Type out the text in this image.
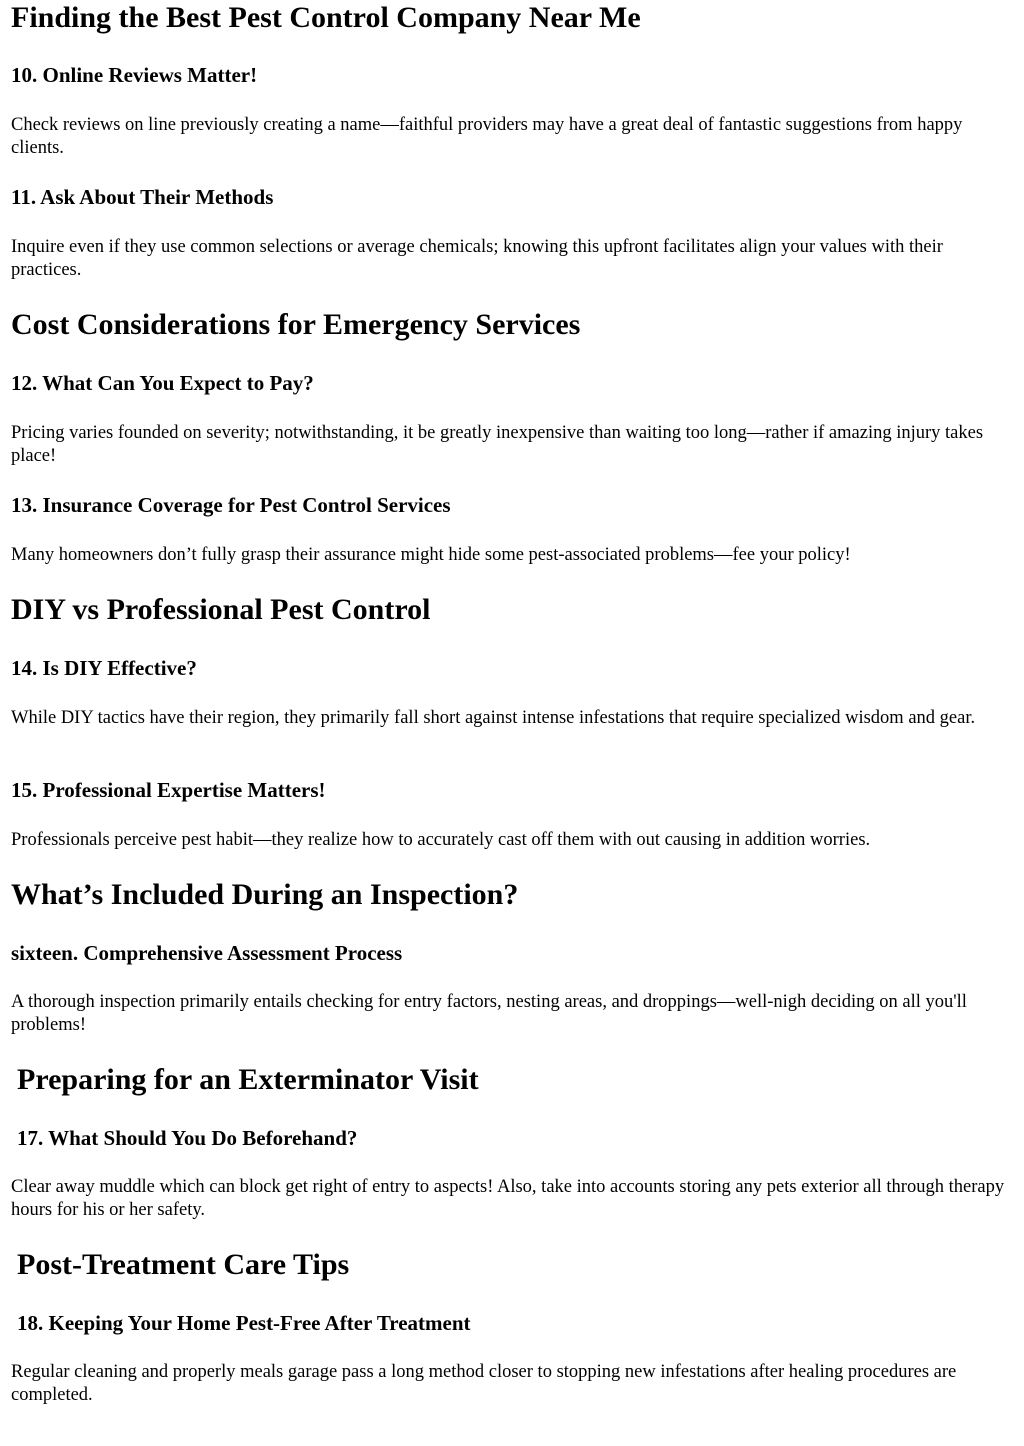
Finding the Best Pest Control Company Near Me
10. Online Reviews Matter!

Check reviews on line previously creating a name—faithful providers may have a great deal of fantastic suggestions from happy clients.

11. Ask About Their Methods

Inquire even if they use common selections or average chemicals; knowing this upfront facilitates align your values with their practices.

Cost Considerations for Emergency Services
12. What Can You Expect to Pay?

Pricing varies founded on severity; notwithstanding, it be greatly inexpensive than waiting too long—rather if amazing injury takes place!

13. Insurance Coverage for Pest Control Services

Many homeowners don’t fully grasp their assurance might hide some pest-associated problems—fee your policy!

DIY vs Professional Pest Control
14. Is DIY Effective?

While DIY tactics have their region, they primarily fall short against intense infestations that require specialized wisdom and gear.

15. Professional Expertise Matters!

Professionals perceive pest habit—they realize how to accurately cast off them with out causing in addition worries.

What’s Included During an Inspection?
sixteen. Comprehensive Assessment Process

A thorough inspection primarily entails checking for entry factors, nesting areas, and droppings—well-nigh deciding on all you'll problems!

Preparing for an Exterminator Visit
17. What Should You Do Beforehand?

Clear away muddle which can block get right of entry to aspects! Also, take into accounts storing any pets exterior all through therapy hours for his or her safety.

Post-Treatment Care Tips
18. Keeping Your Home Pest-Free After Treatment

Regular cleaning and properly meals garage pass a long method closer to stopping new infestations after healing procedures are completed.
